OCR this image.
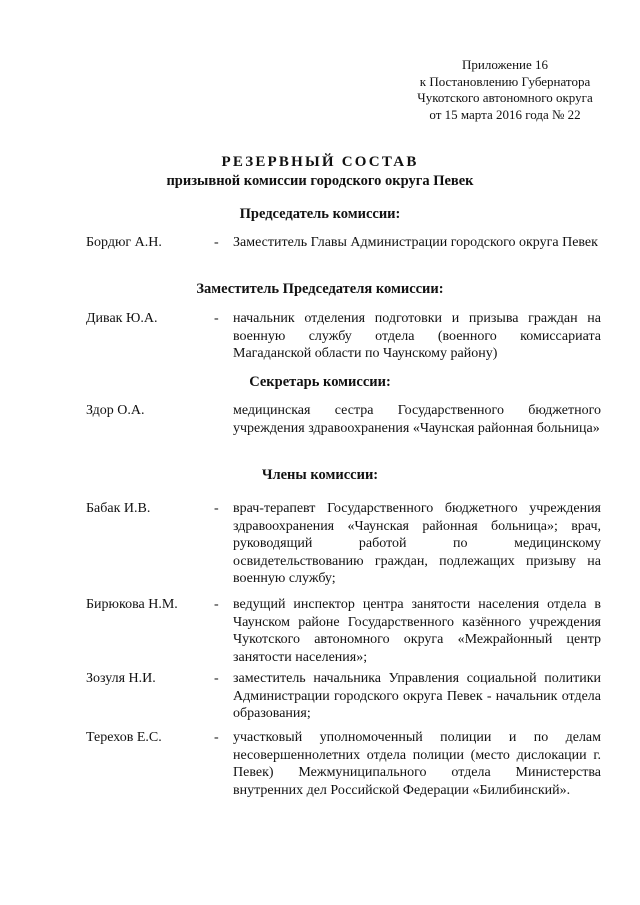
Приложение 16
к Постановлению Губернатора
Чукотского автономного округа
от 15 марта 2016 года № 22
РЕЗЕРВНЫЙ СОСТАВ
призывной комиссии городского округа Певек
Председатель комиссии:
Бордюг А.Н.	- Заместитель Главы Администрации городского округа Певек
Заместитель Председателя комиссии:
Дивак Ю.А.	- начальник отделения подготовки и призыва граждан на военную службу отдела (военного комиссариата Магаданской области по Чаунскому району)
Секретарь комиссии:
Здор О.А.	медицинская сестра Государственного бюджетного учреждения здравоохранения «Чаунская районная больница»
Члены комиссии:
Бабак И.В.	- врач-терапевт Государственного бюджетного учреждения здравоохранения «Чаунская районная больница»; врач, руководящий работой по медицинскому освидетельствованию граждан, подлежащих призыву на военную службу;
Бирюкова Н.М.	- ведущий инспектор центра занятости населения отдела в Чаунском районе Государственного казённого учреждения Чукотского автономного округа «Межрайонный центр занятости населения»;
Зозуля Н.И.	- заместитель начальника Управления социальной политики Администрации городского округа Певек - начальник отдела образования;
Терехов Е.С.	- участковый уполномоченный полиции и по делам несовершеннолетних отдела полиции (место дислокации г. Певек) Межмуниципального отдела Министерства внутренних дел Российской Федерации «Билибинский».
